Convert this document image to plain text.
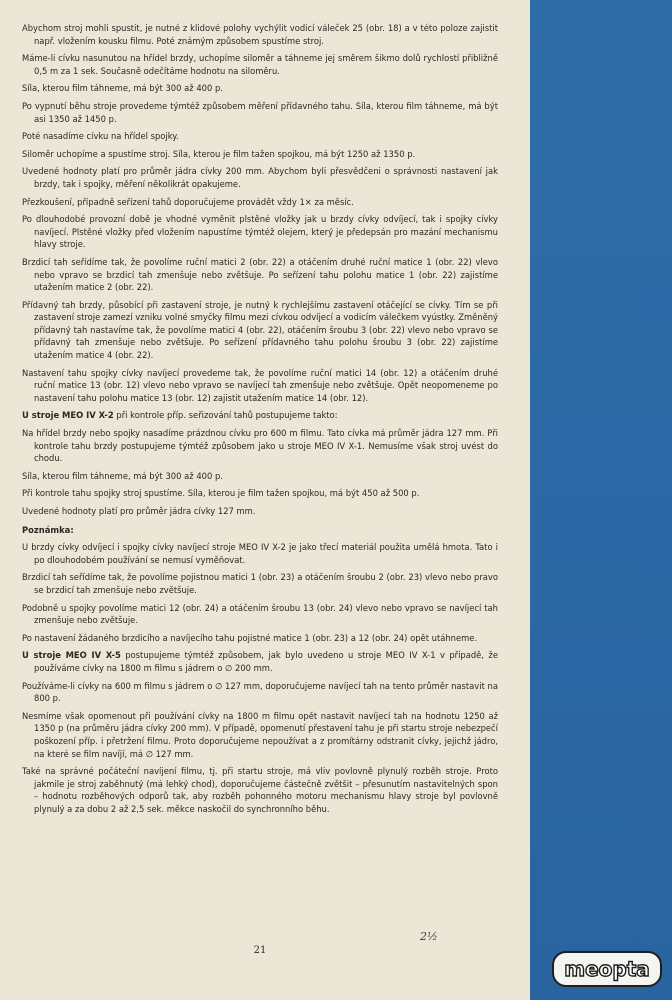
Abychom stroj mohli spustit, je nutné z klidové polohy vychýlit vodicí váleček 25 (obr. 18) a v této poloze zajistit např. vložením kousku filmu. Poté známým způsobem spustíme stroj.

Máme-li cívku nasunutou na hřídel brzdy, uchopíme siloměr a táhneme jej směrem šikmo dolů rychlostí přibližně 0,5 m za 1 sek. Současně odečítáme hodnotu na siloměru.

Síla, kterou film táhneme, má být 300 až 400 p.

Po vypnutí běhu stroje provedeme týmtéž způsobem měření přídavného tahu. Síla, kterou film táhneme, má být asi 1350 až 1450 p.

Poté nasadíme cívku na hřídel spojky.

Siloměr uchopíme a spustíme stroj. Síla, kterou je film tažen spojkou, má být 1250 až 1350 p.

Uvedené hodnoty platí pro průměr jádra cívky 200 mm. Abychom byli přesvědčeni o správnosti nastavení jak brzdy, tak i spojky, měření několikrát opakujeme.

Přezkoušení, případně seřízení tahů doporučujeme provádět vždy 1× za měsíc.

Po dlouhodobé provozní době je vhodné vyměnit plstěné vložky jak u brzdy cívky odvíjecí, tak i spojky cívky navíjecí. Plstěné vložky před vložením napustíme týmtéž olejem, který je předepsán pro mazání mechanismu hlavy stroje.

Brzdicí tah seřídíme tak, že povolíme ruční matici 2 (obr. 22) a otáčením druhé ruční matice 1 (obr. 22) vlevo nebo vpravo se brzdicí tah zmenšuje nebo zvětšuje. Po seřízení tahu polohu matice 1 (obr. 22) zajistíme utažením matice 2 (obr. 22).

Přídavný tah brzdy, působící při zastavení stroje, je nutný k rychlejšímu zastavení otáčející se cívky. Tím se při zastavení stroje zamezí vzniku volné smyčky filmu mezi cívkou odvíjecí a vodicím válečkem vyústky. Změněný přídavný tah nastavíme tak, že povolíme matici 4 (obr. 22), otáčením šroubu 3 (obr. 22) vlevo nebo vpravo se přídavný tah zmenšuje nebo zvětšuje. Po seřízení přídavného tahu polohu šroubu 3 (obr. 22) zajistíme utažením matice 4 (obr. 22).

Nastavení tahu spojky cívky navíjecí provedeme tak, že povolíme ruční matici 14 (obr. 12) a otáčením druhé ruční matice 13 (obr. 12) vlevo nebo vpravo se navíjecí tah zmenšuje nebo zvětšuje. Opět neopomeneme po nastavení tahu polohu matice 13 (obr. 12) zajistit utažením matice 14 (obr. 12).

U stroje MEO IV X-2 při kontrole příp. seřizování tahů postupujeme takto:

Na hřídel brzdy nebo spojky nasadíme prázdnou cívku pro 600 m filmu. Tato cívka má průměr jádra 127 mm. Při kontrole tahu brzdy postupujeme týmtéž způsobem jako u stroje MEO IV X-1. Nemusíme však stroj uvést do chodu.

Síla, kterou film táhneme, má být 300 až 400 p.

Při kontrole tahu spojky stroj spustíme. Síla, kterou je film tažen spojkou, má být 450 až 500 p.

Uvedené hodnoty platí pro průměr jádra cívky 127 mm.

Poznámka:

U brzdy cívky odvíjecí i spojky cívky navíjecí stroje MEO IV X-2 je jako třecí materiál použita umělá hmota. Tato i po dlouhodobém používání se nemusí vyměňovat.

Brzdicí tah seřídíme tak, že povolíme pojistnou matici 1 (obr. 23) a otáčením šroubu 2 (obr. 23) vlevo nebo pravo se brzdicí tah zmenšuje nebo zvětšuje.

Podobně u spojky povolíme matici 12 (obr. 24) a otáčením šroubu 13 (obr. 24) vlevo nebo vpravo se navíjecí tah zmenšuje nebo zvětšuje.

Po nastavení žádaného brzdicího a navíjecího tahu pojistné matice 1 (obr. 23) a 12 (obr. 24) opět utáhneme.

U stroje MEO IV X-5 postupujeme týmtéž způsobem, jak bylo uvedeno u stroje MEO IV X-1 v případě, že používáme cívky na 1800 m filmu s jádrem o ∅ 200 mm.

Používáme-li cívky na 600 m filmu s jádrem o ∅ 127 mm, doporučujeme navíjecí tah na tento průměr nastavit na 800 p.

Nesmíme však opomenout při používání cívky na 1800 m filmu opět nastavit navíjecí tah na hodnotu 1250 až 1350 p (na průměru jádra cívky 200 mm). V případě, opomenutí přestavení tahu je při startu stroje nebezpečí poškození příp. i přetržení filmu. Proto doporučujeme nepoužívat a z promítárny odstranit cívky, jejichž jádro, na které se film navíjí, má ∅ 127 mm.

Také na správné počáteční navíjení filmu, tj. při startu stroje, má vliv povlovně plynulý rozběh stroje. Proto jakmile je stroj zaběhnutý (má lehký chod), doporučujeme částečně zvětšit – přesunutím nastavitelných spon – hodnotu rozběhových odporů tak, aby rozběh pohonného motoru mechanismu hlavy stroje byl povlovně plynulý a za dobu 2 až 2,5 sek. měkce naskočil do synchronního běhu.

2½
21
meopta
